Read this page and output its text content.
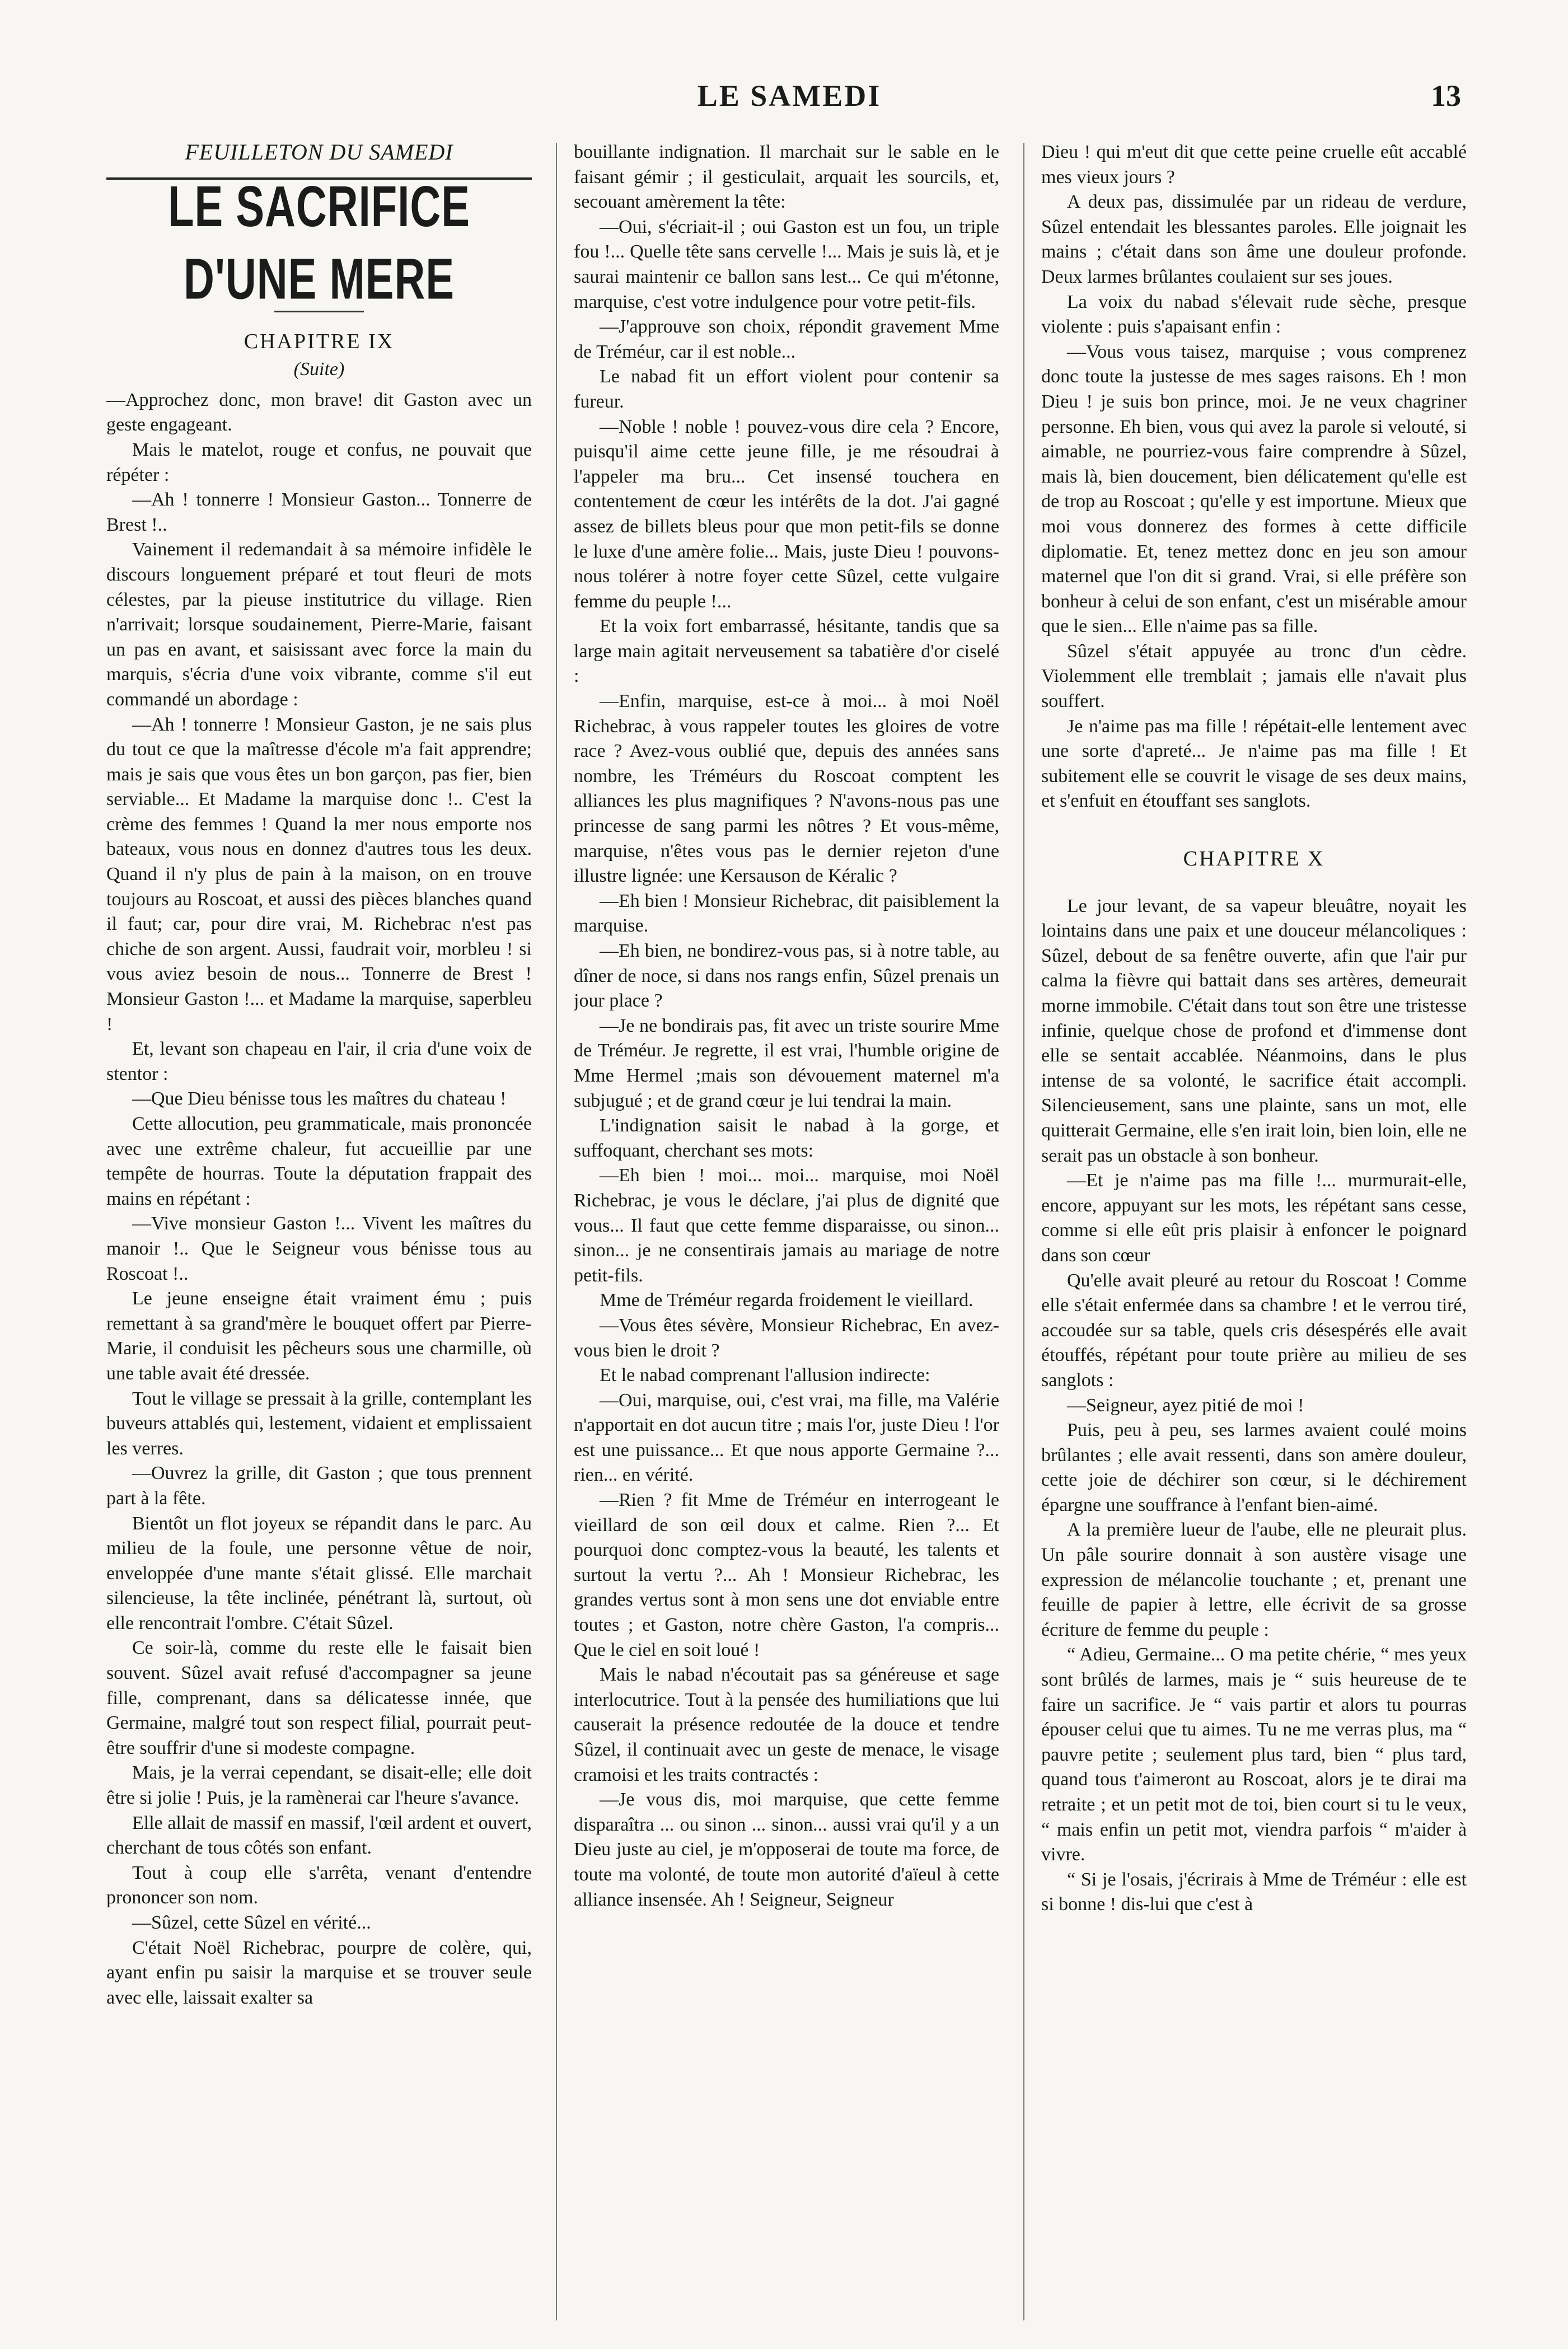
LE SAMEDI	13
FEUILLETON DU SAMEDI
LE SACRIFICE D'UNE MERE
CHAPITRE IX
(Suite)

—Approchez donc, mon brave! dit Gaston avec un geste engageant.

Mais le matelot, rouge et confus, ne pouvait que répéter :

—Ah ! tonnerre ! Monsieur Gaston... Tonnerre de Brest !..

Vainement il redemandait à sa mémoire infidèle le discours longuement préparé et tout fleuri de mots célestes, par la pieuse institutrice du village. Rien n'arrivait; lorsque soudainement, Pierre-Marie, faisant un pas en avant, et saisissant avec force la main du marquis, s'écria d'une voix vibrante, comme s'il eut commandé un abordage :

—Ah ! tonnerre ! Monsieur Gaston, je ne sais plus du tout ce que la maîtresse d'école m'a fait apprendre; mais je sais que vous êtes un bon garçon, pas fier, bien serviable... Et Madame la marquise donc !.. C'est la crème des femmes ! Quand la mer nous emporte nos bateaux, vous nous en donnez d'autres tous les deux. Quand il n'y plus de pain à la maison, on en trouve toujours au Roscoat, et aussi des pièces blanches quand il faut; car, pour dire vrai, M. Richebrac n'est pas chiche de son argent. Aussi, faudrait voir, morbleu ! si vous aviez besoin de nous... Tonnerre de Brest ! Monsieur Gaston !... et Madame la marquise, saperbleu !

Et, levant son chapeau en l'air, il cria d'une voix de stentor :

—Que Dieu bénisse tous les maîtres du chateau !

Cette allocution, peu grammaticale, mais prononcée avec une extrême chaleur, fut accueillie par une tempête de hourras. Toute la députation frappait des mains en répétant :

—Vive monsieur Gaston !... Vivent les maîtres du manoir !.. Que le Seigneur vous bénisse tous au Roscoat !..

Le jeune enseigne était vraiment ému ; puis remettant à sa grand'mère le bouquet offert par Pierre-Marie, il conduisit les pêcheurs sous une charmille, où une table avait été dressée.

Tout le village se pressait à la grille, contemplant les buveurs attablés qui, lestement, vidaient et emplissaient les verres.

—Ouvrez la grille, dit Gaston ; que tous prennent part à la fête.

Bientôt un flot joyeux se répandit dans le parc. Au milieu de la foule, une personne vêtue de noir, enveloppée d'une mante s'était glissé. Elle marchait silencieuse, la tête inclinée, pénétrant là, surtout, où elle rencontrait l'ombre. C'était Sûzel.

Ce soir-là, comme du reste elle le faisait bien souvent. Sûzel avait refusé d'accompagner sa jeune fille, comprenant, dans sa délicatesse innée, que Germaine, malgré tout son respect filial, pourrait peut-être souffrir d'une si modeste compagne.

Mais, je la verrai cependant, se disait-elle; elle doit être si jolie ! Puis, je la ramènerai car l'heure s'avance.

Elle allait de massif en massif, l'œil ardent et ouvert, cherchant de tous côtés son enfant.

Tout à coup elle s'arrêta, venant d'entendre prononcer son nom.

—Sûzel, cette Sûzel en vérité...

C'était Noël Richebrac, pourpre de colère, qui, ayant enfin pu saisir la marquise et se trouver seule avec elle, laissait exalter sa

bouillante indignation. Il marchait sur le sable en le faisant gémir ; il gesticulait, arquait les sourcils, et, secouant amèrement la tête:

—Oui, s'écriait-il ; oui Gaston est un fou, un triple fou !... Quelle tête sans cervelle !... Mais je suis là, et je saurai maintenir ce ballon sans lest... Ce qui m'étonne, marquise, c'est votre indulgence pour votre petit-fils.

—J'approuve son choix, répondit gravement Mme de Tréméur, car il est noble...

Le nabad fit un effort violent pour contenir sa fureur.

—Noble ! noble ! pouvez-vous dire cela ? Encore, puisqu'il aime cette jeune fille, je me résoudrai à l'appeler ma bru... Cet insensé touchera en contentement de cœur les intérêts de la dot. J'ai gagné assez de billets bleus pour que mon petit-fils se donne le luxe d'une amère folie... Mais, juste Dieu ! pouvons-nous tolérer à notre foyer cette Sûzel, cette vulgaire femme du peuple !...

Et la voix fort embarrassé, hésitante, tandis que sa large main agitait nerveusement sa tabatière d'or ciselé :

—Enfin, marquise, est-ce à moi... à moi Noël Richebrac, à vous rappeler toutes les gloires de votre race ? Avez-vous oublié que, depuis des années sans nombre, les Tréméurs du Roscoat comptent les alliances les plus magnifiques ? N'avons-nous pas une princesse de sang parmi les nôtres ? Et vous-même, marquise, n'êtes vous pas le dernier rejeton d'une illustre lignée: une Kersauson de Kéralic ?

—Eh bien ! Monsieur Richebrac, dit paisiblement la marquise.

—Eh bien, ne bondirez-vous pas, si à notre table, au dîner de noce, si dans nos rangs enfin, Sûzel prenais un jour place ?

—Je ne bondirais pas, fit avec un triste sourire Mme de Tréméur. Je regrette, il est vrai, l'humble origine de Mme Hermel ;mais son dévouement maternel m'a subjugué ; et de grand cœur je lui tendrai la main.

L'indignation saisit le nabad à la gorge, et suffoquant, cherchant ses mots:

—Eh bien ! moi... moi... marquise, moi Noël Richebrac, je vous le déclare, j'ai plus de dignité que vous... Il faut que cette femme disparaisse, ou sinon... sinon... je ne consentirais jamais au mariage de notre petit-fils.

Mme de Tréméur regarda froidement le vieillard.

—Vous êtes sévère, Monsieur Richebrac, En avez-vous bien le droit ?

Et le nabad comprenant l'allusion indirecte:

—Oui, marquise, oui, c'est vrai, ma fille, ma Valérie n'apportait en dot aucun titre ; mais l'or, juste Dieu ! l'or est une puissance... Et que nous apporte Germaine ?... rien... en vérité.

—Rien ? fit Mme de Tréméur en interrogeant le vieillard de son œil doux et calme. Rien ?... Et pourquoi donc comptez-vous la beauté, les talents et surtout la vertu ?... Ah ! Monsieur Richebrac, les grandes vertus sont à mon sens une dot enviable entre toutes ; et Gaston, notre chère Gaston, l'a compris... Que le ciel en soit loué !

Mais le nabad n'écoutait pas sa généreuse et sage interlocutrice. Tout à la pensée des humiliations que lui causerait la présence redoutée de la douce et tendre Sûzel, il continuait avec un geste de menace, le visage cramoisi et les traits contractés :

—Je vous dis, moi marquise, que cette femme disparaîtra ... ou sinon ... sinon... aussi vrai qu'il y a un Dieu juste au ciel, je m'opposerai de toute ma force, de toute ma volonté, de toute mon autorité d'aïeul à cette alliance insensée. Ah ! Seigneur, Seigneur

Dieu ! qui m'eut dit que cette peine cruelle eût accablé mes vieux jours ?

A deux pas, dissimulée par un rideau de verdure, Sûzel entendait les blessantes paroles. Elle joignait les mains ; c'était dans son âme une douleur profonde. Deux larmes brûlantes coulaient sur ses joues.

La voix du nabad s'élevait rude sèche, presque violente : puis s'apaisant enfin :

—Vous vous taisez, marquise ; vous comprenez donc toute la justesse de mes sages raisons. Eh ! mon Dieu ! je suis bon prince, moi. Je ne veux chagriner personne. Eh bien, vous qui avez la parole si velouté, si aimable, ne pourriez-vous faire comprendre à Sûzel, mais là, bien doucement, bien délicatement qu'elle est de trop au Roscoat ; qu'elle y est importune. Mieux que moi vous donnerez des formes à cette difficile diplomatie. Et, tenez mettez donc en jeu son amour maternel que l'on dit si grand. Vrai, si elle préfère son bonheur à celui de son enfant, c'est un misérable amour que le sien... Elle n'aime pas sa fille.

Sûzel s'était appuyée au tronc d'un cèdre. Violemment elle tremblait ; jamais elle n'avait plus souffert.

Je n'aime pas ma fille ! répétait-elle lentement avec une sorte d'apreté... Je n'aime pas ma fille ! Et subitement elle se couvrit le visage de ses deux mains, et s'enfuit en étouffant ses sanglots.

CHAPITRE X

Le jour levant, de sa vapeur bleuâtre, noyait les lointains dans une paix et une douceur mélancoliques : Sûzel, debout de sa fenêtre ouverte, afin que l'air pur calma la fièvre qui battait dans ses artères, demeurait morne immobile. C'était dans tout son être une tristesse infinie, quelque chose de profond et d'immense dont elle se sentait accablée. Néanmoins, dans le plus intense de sa volonté, le sacrifice était accompli. Silencieusement, sans une plainte, sans un mot, elle quitterait Germaine, elle s'en irait loin, bien loin, elle ne serait pas un obstacle à son bonheur.

—Et je n'aime pas ma fille !... murmurait-elle, encore, appuyant sur les mots, les répétant sans cesse, comme si elle eût pris plaisir à enfoncer le poignard dans son cœur

Qu'elle avait pleuré au retour du Roscoat ! Comme elle s'était enfermée dans sa chambre ! et le verrou tiré, accoudée sur sa table, quels cris désespérés elle avait étouffés, répétant pour toute prière au milieu de ses sanglots :

—Seigneur, ayez pitié de moi !

Puis, peu à peu, ses larmes avaient coulé moins brûlantes ; elle avait ressenti, dans son amère douleur, cette joie de déchirer son cœur, si le déchirement épargne une souffrance à l'enfant bien-aimé.

A la première lueur de l'aube, elle ne pleurait plus. Un pâle sourire donnait à son austère visage une expression de mélancolie touchante ; et, prenant une feuille de papier à lettre, elle écrivit de sa grosse écriture de femme du peuple :

“ Adieu, Germaine... O ma petite chérie, “ mes yeux sont brûlés de larmes, mais je “ suis heureuse de te faire un sacrifice. Je “ vais partir et alors tu pourras épouser celui que tu aimes. Tu ne me verras plus, ma “ pauvre petite ; seulement plus tard, bien “ plus tard, quand tous t'aimeront au Roscoat, alors je te dirai ma retraite ; et un petit mot de toi, bien court si tu le veux, “ mais enfin un petit mot, viendra parfois “ m'aider à vivre.

“ Si je l'osais, j'écrirais à Mme de Tréméur : elle est si bonne ! dis-lui que c'est à
